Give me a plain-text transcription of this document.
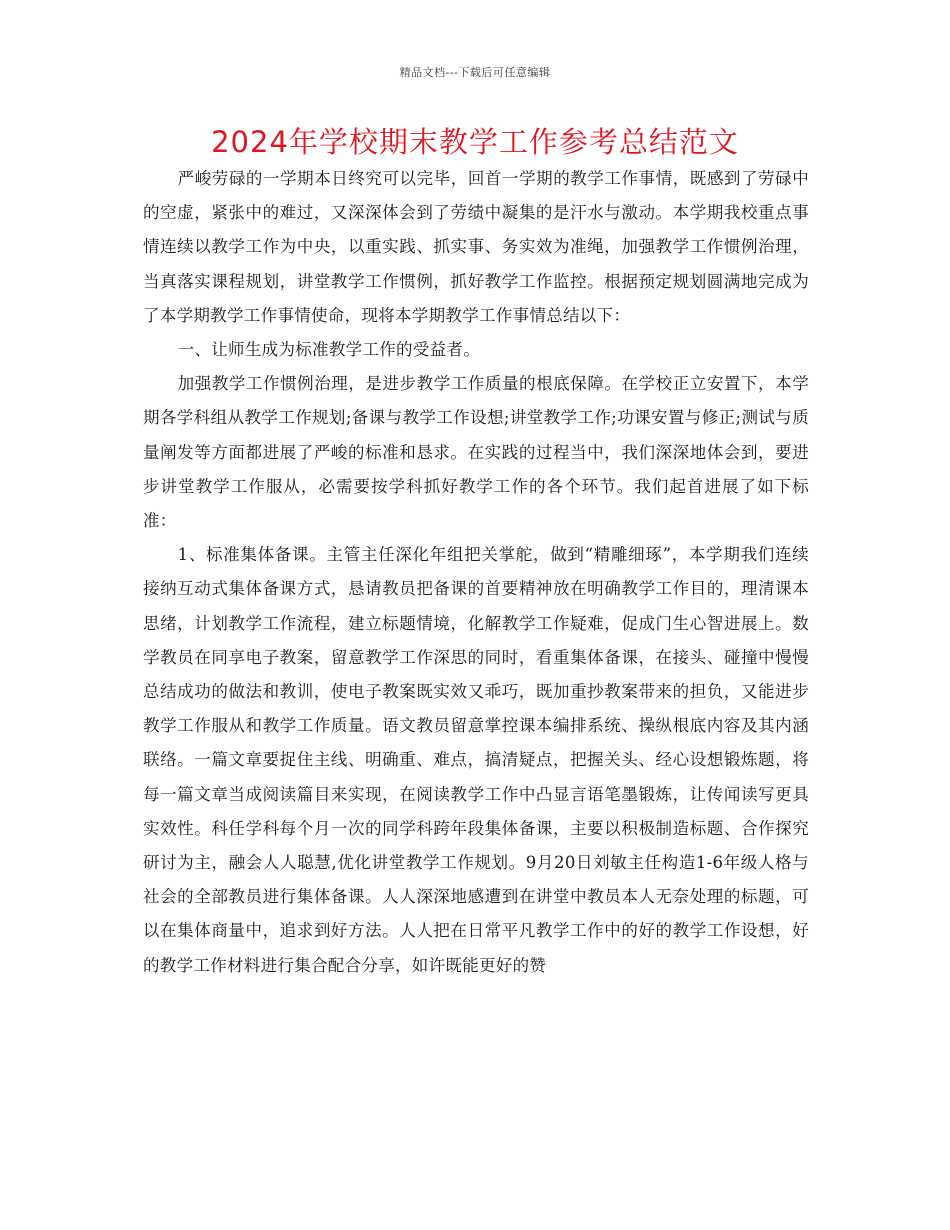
精品文档---下载后可任意编辑
2024年学校期末教学工作参考总结范文

严峻劳碌的一学期本日终究可以完毕，回首一学期的教学工作事情，既感到了劳碌中的空虚，紧张中的难过，又深深体会到了劳绩中凝集的是汗水与激动。本学期我校重点事情连续以教学工作为中央，以重实践、抓实事、务实效为准绳，加强教学工作惯例治理，当真落实课程规划，讲堂教学工作惯例，抓好教学工作监控。根据预定规划圆满地完成为了本学期教学工作事情使命，现将本学期教学工作事情总结以下：

一、让师生成为标准教学工作的受益者。

加强教学工作惯例治理，是进步教学工作质量的根底保障。在学校正立安置下，本学期各学科组从教学工作规划;备课与教学工作设想;讲堂教学工作;功课安置与修正;测试与质量阐发等方面都进展了严峻的标准和恳求。在实践的过程当中，我们深深地体会到，要进步讲堂教学工作服从，必需要按学科抓好教学工作的各个环节。我们起首进展了如下标准：

1、标准集体备课。主管主任深化年组把关掌舵，做到“精雕细琢”，本学期我们连续接纳互动式集体备课方式，恳请教员把备课的首要精神放在明确教学工作目的，理清课本思绪，计划教学工作流程，建立标题情境，化解教学工作疑难，促成门生心智进展上。数学教员在同享电子教案，留意教学工作深思的同时，看重集体备课，在接头、碰撞中慢慢总结成功的做法和教训，使电子教案既实效又乖巧，既加重抄教案带来的担负，又能进步教学工作服从和教学工作质量。语文教员留意掌控课本编排系统、操纵根底内容及其内涵联络。一篇文章要捉住主线、明确重、难点，搞清疑点，把握关头、经心设想锻炼题，将每一篇文章当成阅读篇目来实现，在阅读教学工作中凸显言语笔墨锻炼，让传闻读写更具实效性。科任学科每个月一次的同学科跨年段集体备课，主要以积极制造标题、合作探究研讨为主，融会人人聪慧,优化讲堂教学工作规划。9月20日刘敏主任构造1-6年级人格与社会的全部教员进行集体备课。人人深深地感遭到在讲堂中教员本人无奈处理的标题，可以在集体商量中，追求到好方法。人人把在日常平凡教学工作中的好的教学工作设想，好的教学工作材料进行集合配合分享，如许既能更好的赞
